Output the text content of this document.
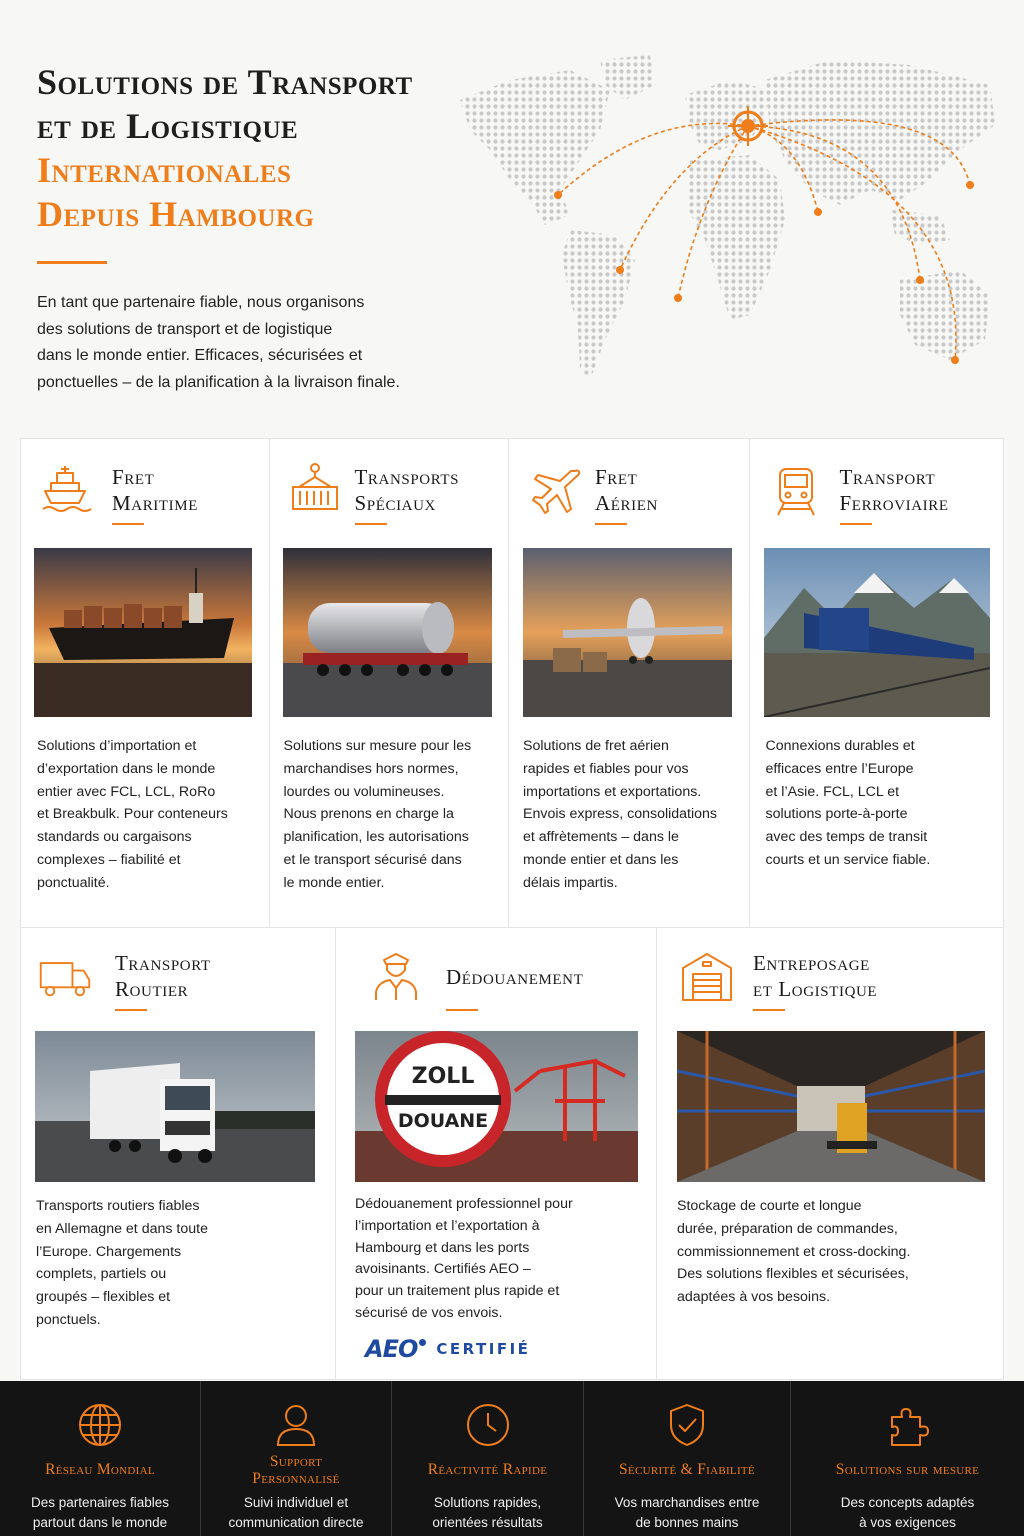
Solutions de Transport
et de Logistique
Internationales
Depuis Hambourg

En tant que partenaire fiable, nous organisons
des solutions de transport et de logistique
dans le monde entier. Efficaces, sécurisées et
ponctuelles – de la planification à la livraison finale.

Fret
Maritime
Solutions d’importation et
d’exportation dans le monde
entier avec FCL, LCL, RoRo
et Breakbulk. Pour conteneurs
standards ou cargaisons
complexes – fiabilité et
ponctualité.
Transports
Spéciaux
Solutions sur mesure pour les
marchandises hors normes,
lourdes ou volumineuses.
Nous prenons en charge la
planification, les autorisations
et le transport sécurisé dans
le monde entier.
Fret
Aérien
Solutions de fret aérien
rapides et fiables pour vos
importations et exportations.
Envois express, consolidations
et affrètements – dans le
monde entier et dans les
délais impartis.
Transport
Ferroviaire
Connexions durables et
efficaces entre l’Europe
et l’Asie. FCL, LCL et
solutions porte-à-porte
avec des temps de transit
courts et un service fiable.
Transport
Routier
Transports routiers fiables
en Allemagne et dans toute
l’Europe. Chargements
complets, partiels ou
groupés – flexibles et
ponctuels.
Dédouanement
ZOLL
DOUANE
Dédouanement professionnel pour
l’importation et l’exportation à
Hambourg et dans les ports
avoisinants. Certifiés AEO –
pour un traitement plus rapide et
sécurisé de vos envois.
AEO CERTIFIÉ
Entreposage
et Logistique
Stockage de courte et longue
durée, préparation de commandes,
commissionnement et cross-docking.
Des solutions flexibles et sécurisées,
adaptées à vos besoins.
Réseau Mondial
Des partenaires fiables
partout dans le monde
Support
Personnalisé
Suivi individuel et
communication directe
Réactivité Rapide
Solutions rapides,
orientées résultats
Sécurité & Fiabilité
Vos marchandises entre
de bonnes mains
Solutions sur mesure
Des concepts adaptés
à vos exigences
